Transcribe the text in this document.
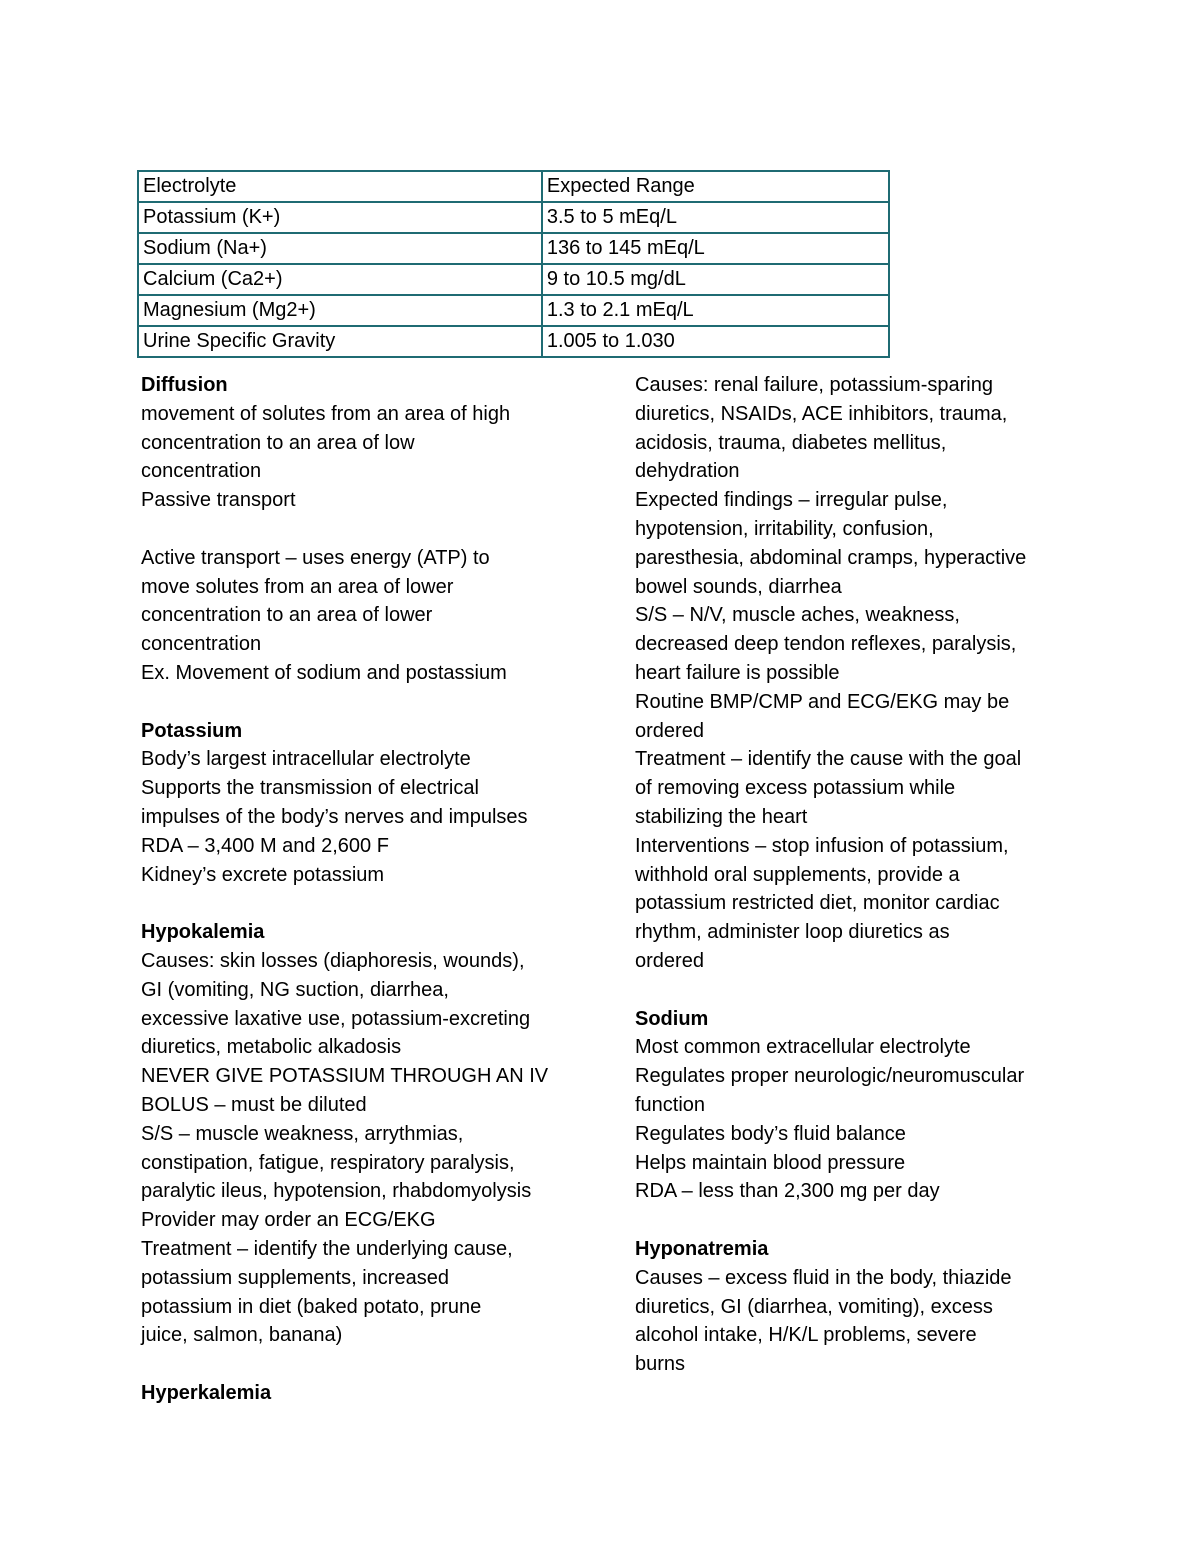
Electrolyte	Expected Range
Potassium (K+)	3.5 to 5 mEq/L
Sodium (Na+)	136 to 145 mEq/L
Calcium (Ca2+)	9 to 10.5 mg/dL
Magnesium (Mg2+)	1.3 to 2.1 mEq/L
Urine Specific Gravity	1.005 to 1.030
Diffusion
movement of solutes from an area of high
concentration to an area of low
concentration
Passive transport
Active transport – uses energy (ATP) to
move solutes from an area of lower
concentration to an area of lower
concentration
Ex. Movement of sodium and postassium
Potassium
Body’s largest intracellular electrolyte
Supports the transmission of electrical
impulses of the body’s nerves and impulses
RDA – 3,400 M and 2,600 F
Kidney’s excrete potassium
Hypokalemia
Causes: skin losses (diaphoresis, wounds),
GI (vomiting, NG suction, diarrhea,
excessive laxative use, potassium-excreting
diuretics, metabolic alkadosis
NEVER GIVE POTASSIUM THROUGH AN IV
BOLUS – must be diluted
S/S – muscle weakness, arrythmias,
constipation, fatigue, respiratory paralysis,
paralytic ileus, hypotension, rhabdomyolysis
Provider may order an ECG/EKG
Treatment – identify the underlying cause,
potassium supplements, increased
potassium in diet (baked potato, prune
juice, salmon, banana)
Hyperkalemia
Causes: renal failure, potassium-sparing
diuretics, NSAIDs, ACE inhibitors, trauma,
acidosis, trauma, diabetes mellitus,
dehydration
Expected findings – irregular pulse,
hypotension, irritability, confusion,
paresthesia, abdominal cramps, hyperactive
bowel sounds, diarrhea
S/S – N/V, muscle aches, weakness,
decreased deep tendon reflexes, paralysis,
heart failure is possible
Routine BMP/CMP and ECG/EKG may be
ordered
Treatment – identify the cause with the goal
of removing excess potassium while
stabilizing the heart
Interventions – stop infusion of potassium,
withhold oral supplements, provide a
potassium restricted diet, monitor cardiac
rhythm, administer loop diuretics as
ordered
Sodium
Most common extracellular electrolyte
Regulates proper neurologic/neuromuscular
function
Regulates body’s fluid balance
Helps maintain blood pressure
RDA – less than 2,300 mg per day
Hyponatremia
Causes – excess fluid in the body, thiazide
diuretics, GI (diarrhea, vomiting), excess
alcohol intake, H/K/L problems, severe
burns
